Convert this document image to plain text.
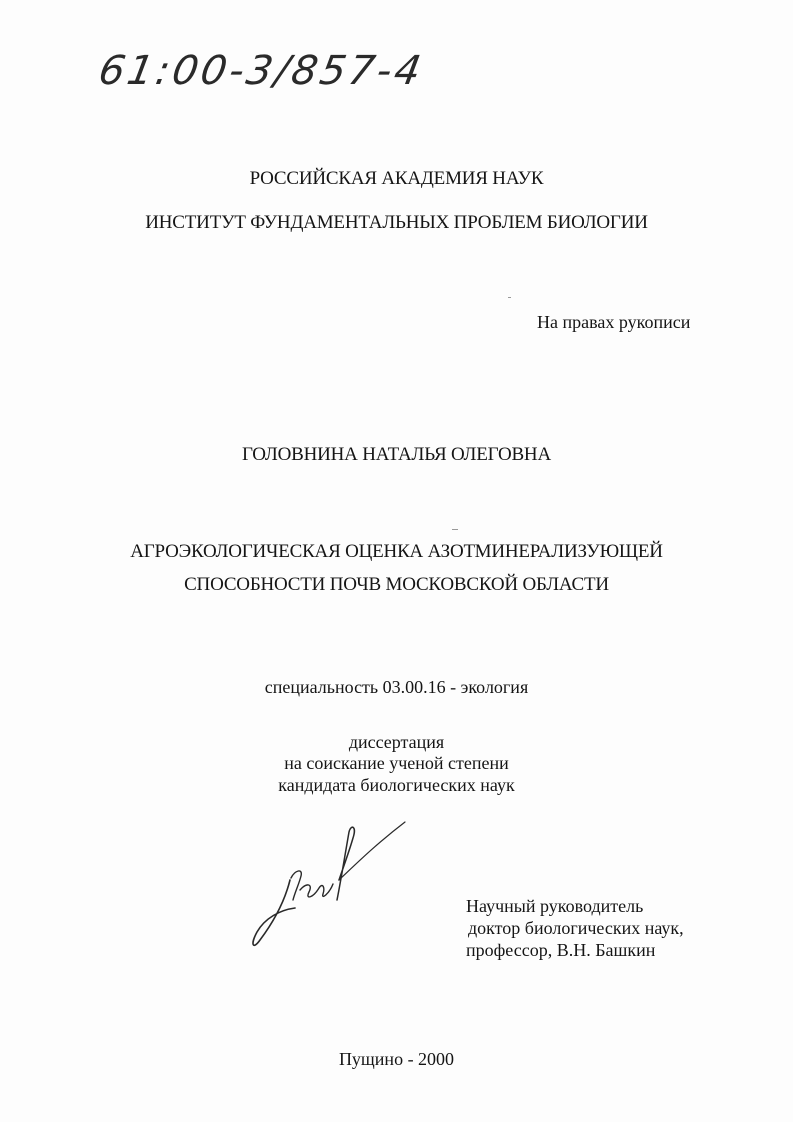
61:00-3/857-4
РОССИЙСКАЯ АКАДЕМИЯ НАУК
ИНСТИТУТ ФУНДАМЕНТАЛЬНЫХ ПРОБЛЕМ БИОЛОГИИ
На правах рукописи
ГОЛОВНИНА НАТАЛЬЯ ОЛЕГОВНА
АГРОЭКОЛОГИЧЕСКАЯ ОЦЕНКА АЗОТМИНЕРАЛИЗУЮЩЕЙ
СПОСОБНОСТИ ПОЧВ МОСКОВСКОЙ ОБЛАСТИ
специальность 03.00.16 - экология
диссертация
на соискание ученой степени
кандидата биологических наук
Научный руководитель
доктор биологических наук,
профессор, В.Н. Башкин
Пущино - 2000
